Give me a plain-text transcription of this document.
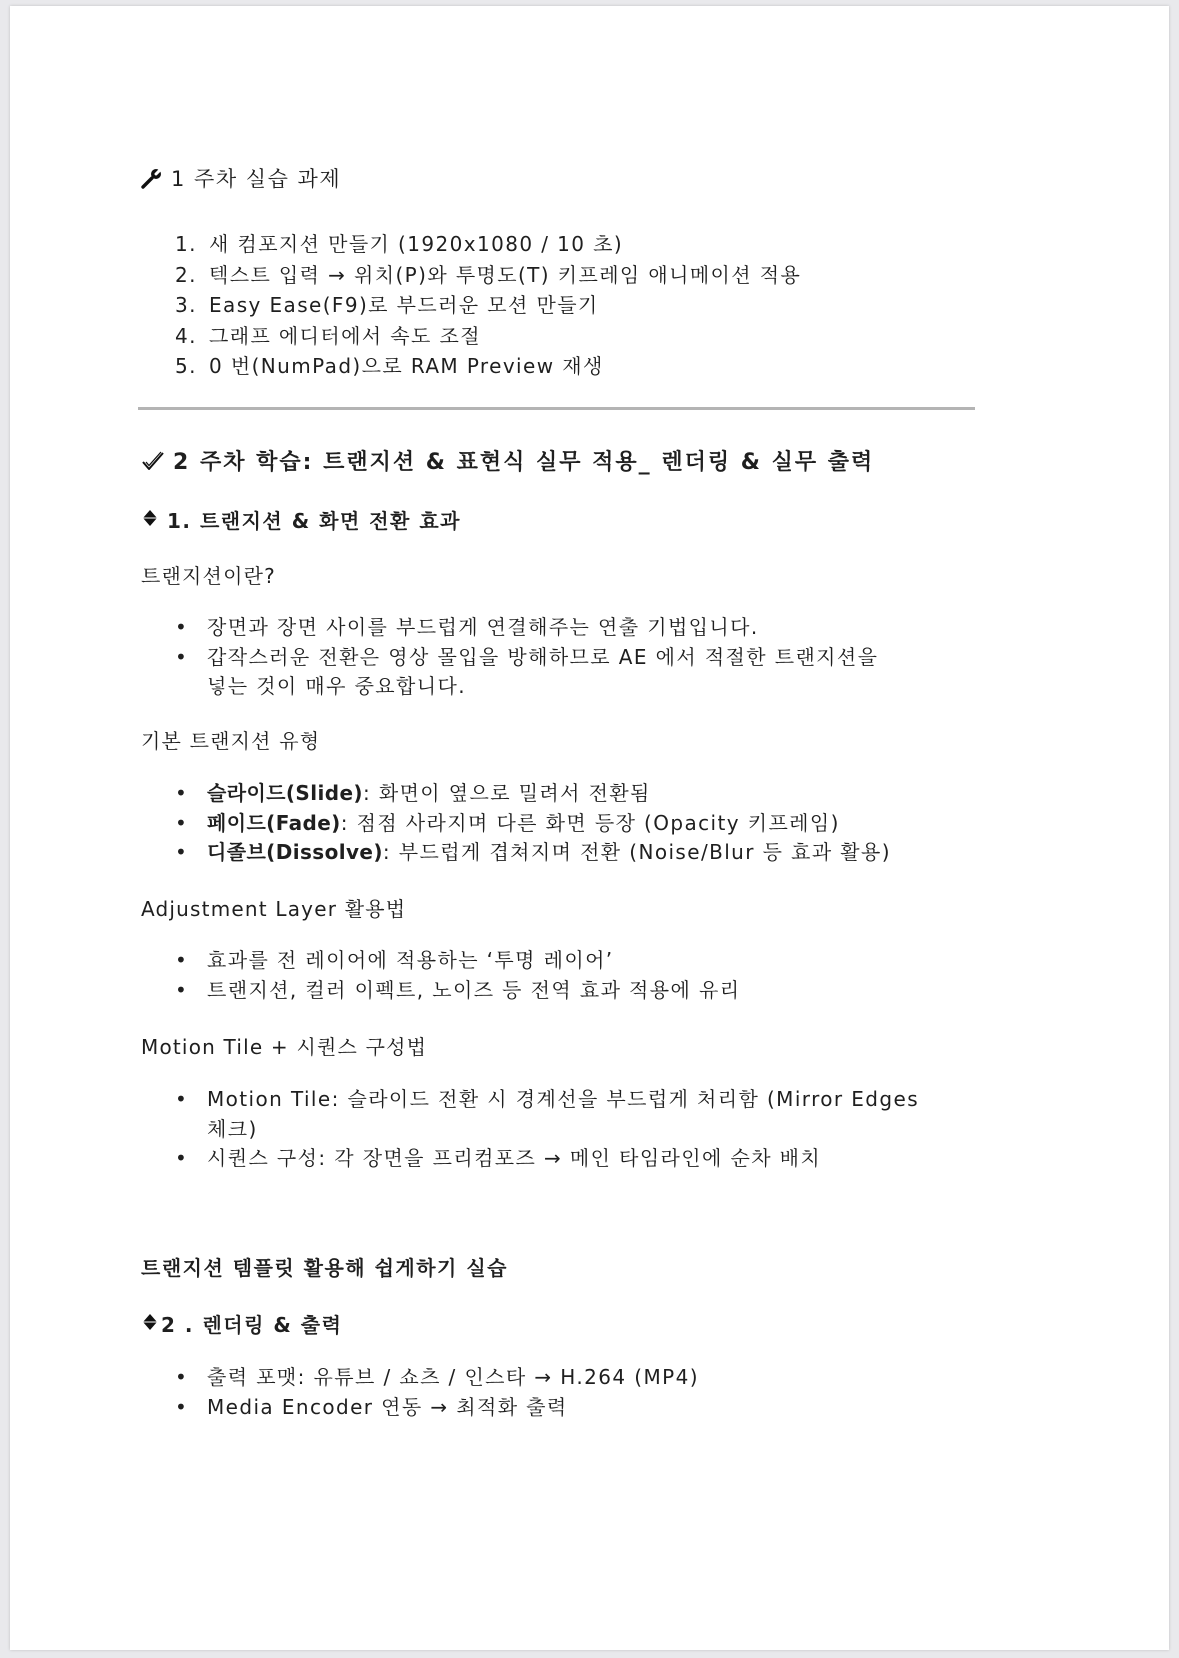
1 주차 실습 과제
1. 새 컴포지션 만들기 (1920x1080 / 10 초)
2. 텍스트 입력 → 위치(P)와 투명도(T) 키프레임 애니메이션 적용
3. Easy Ease(F9)로 부드러운 모션 만들기
4. 그래프 에디터에서 속도 조절
5. 0 번(NumPad)으로 RAM Preview 재생
2 주차 학습: 트랜지션 & 표현식 실무 적용_ 렌더링 & 실무 출력
1. 트랜지션 & 화면 전환 효과
트랜지션이란?
• 장면과 장면 사이를 부드럽게 연결해주는 연출 기법입니다.
• 갑작스러운 전환은 영상 몰입을 방해하므로 AE 에서 적절한 트랜지션을
넣는 것이 매우 중요합니다.
기본 트랜지션 유형
• 슬라이드(Slide): 화면이 옆으로 밀려서 전환됨
• 페이드(Fade): 점점 사라지며 다른 화면 등장 (Opacity 키프레임)
• 디졸브(Dissolve): 부드럽게 겹쳐지며 전환 (Noise/Blur 등 효과 활용)
Adjustment Layer 활용법
• 효과를 전 레이어에 적용하는 ‘투명 레이어’
• 트랜지션, 컬러 이펙트, 노이즈 등 전역 효과 적용에 유리
Motion Tile + 시퀀스 구성법
• Motion Tile: 슬라이드 전환 시 경계선을 부드럽게 처리함 (Mirror Edges
체크)
• 시퀀스 구성: 각 장면을 프리컴포즈 → 메인 타임라인에 순차 배치
트랜지션 템플릿 활용해 쉽게하기 실습
2 . 렌더링 & 출력
• 출력 포맷: 유튜브 / 쇼츠 / 인스타 → H.264 (MP4)
• Media Encoder 연동 → 최적화 출력
